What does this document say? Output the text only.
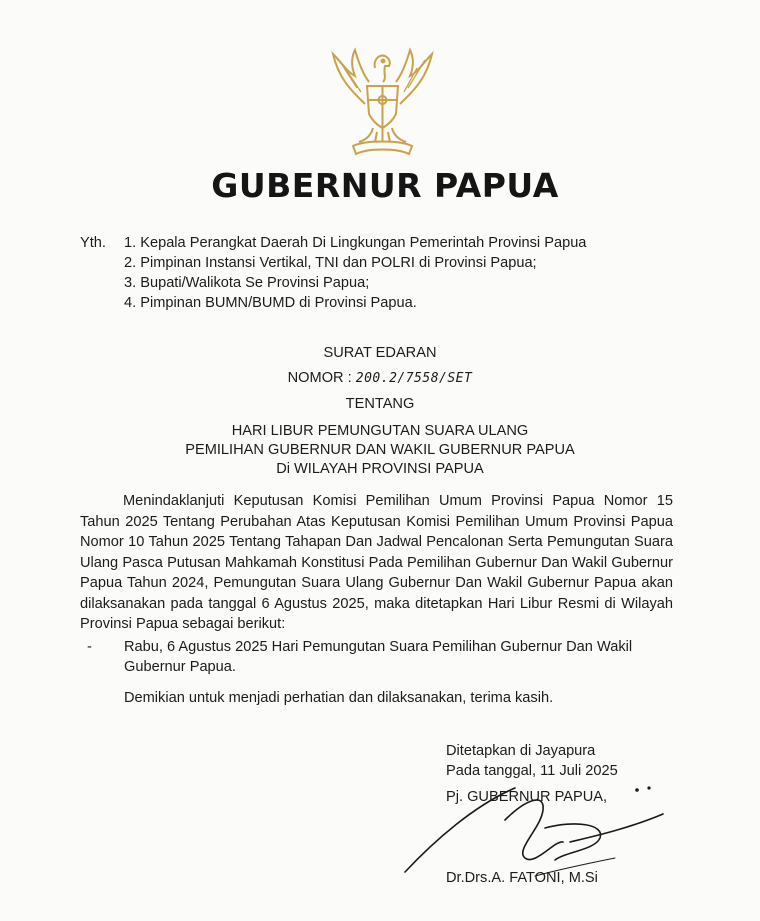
GUBERNUR PAPUA
Yth. 1. Kepala Perangkat Daerah Di Lingkungan Pemerintah Provinsi Papua
2. Pimpinan Instansi Vertikal, TNI dan POLRI di Provinsi Papua;
3. Bupati/Walikota Se Provinsi Papua;
4. Pimpinan BUMN/BUMD di Provinsi Papua.
SURAT EDARAN
NOMOR : 200.2/7558/SET
TENTANG
HARI LIBUR PEMUNGUTAN SUARA ULANG
PEMILIHAN GUBERNUR DAN WAKIL GUBERNUR PAPUA
Di WILAYAH PROVINSI PAPUA
Menindaklanjuti Keputusan Komisi Pemilihan Umum Provinsi Papua Nomor 15 Tahun 2025 Tentang Perubahan Atas Keputusan Komisi Pemilihan Umum Provinsi Papua Nomor 10 Tahun 2025 Tentang Tahapan Dan Jadwal Pencalonan Serta Pemungutan Suara Ulang Pasca Putusan Mahkamah Konstitusi Pada Pemilihan Gubernur Dan Wakil Gubernur Papua Tahun 2024, Pemungutan Suara Ulang Gubernur Dan Wakil Gubernur Papua akan dilaksanakan pada tanggal 6 Agustus 2025, maka ditetapkan Hari Libur Resmi di Wilayah Provinsi Papua sebagai berikut:
- Rabu, 6 Agustus 2025 Hari Pemungutan Suara Pemilihan Gubernur Dan Wakil Gubernur Papua.
Demikian untuk menjadi perhatian dan dilaksanakan, terima kasih.
Ditetapkan di Jayapura
Pada tanggal, 11 Juli 2025
Pj. GUBERNUR PAPUA,
Dr.Drs.A. FATONI, M.Si
